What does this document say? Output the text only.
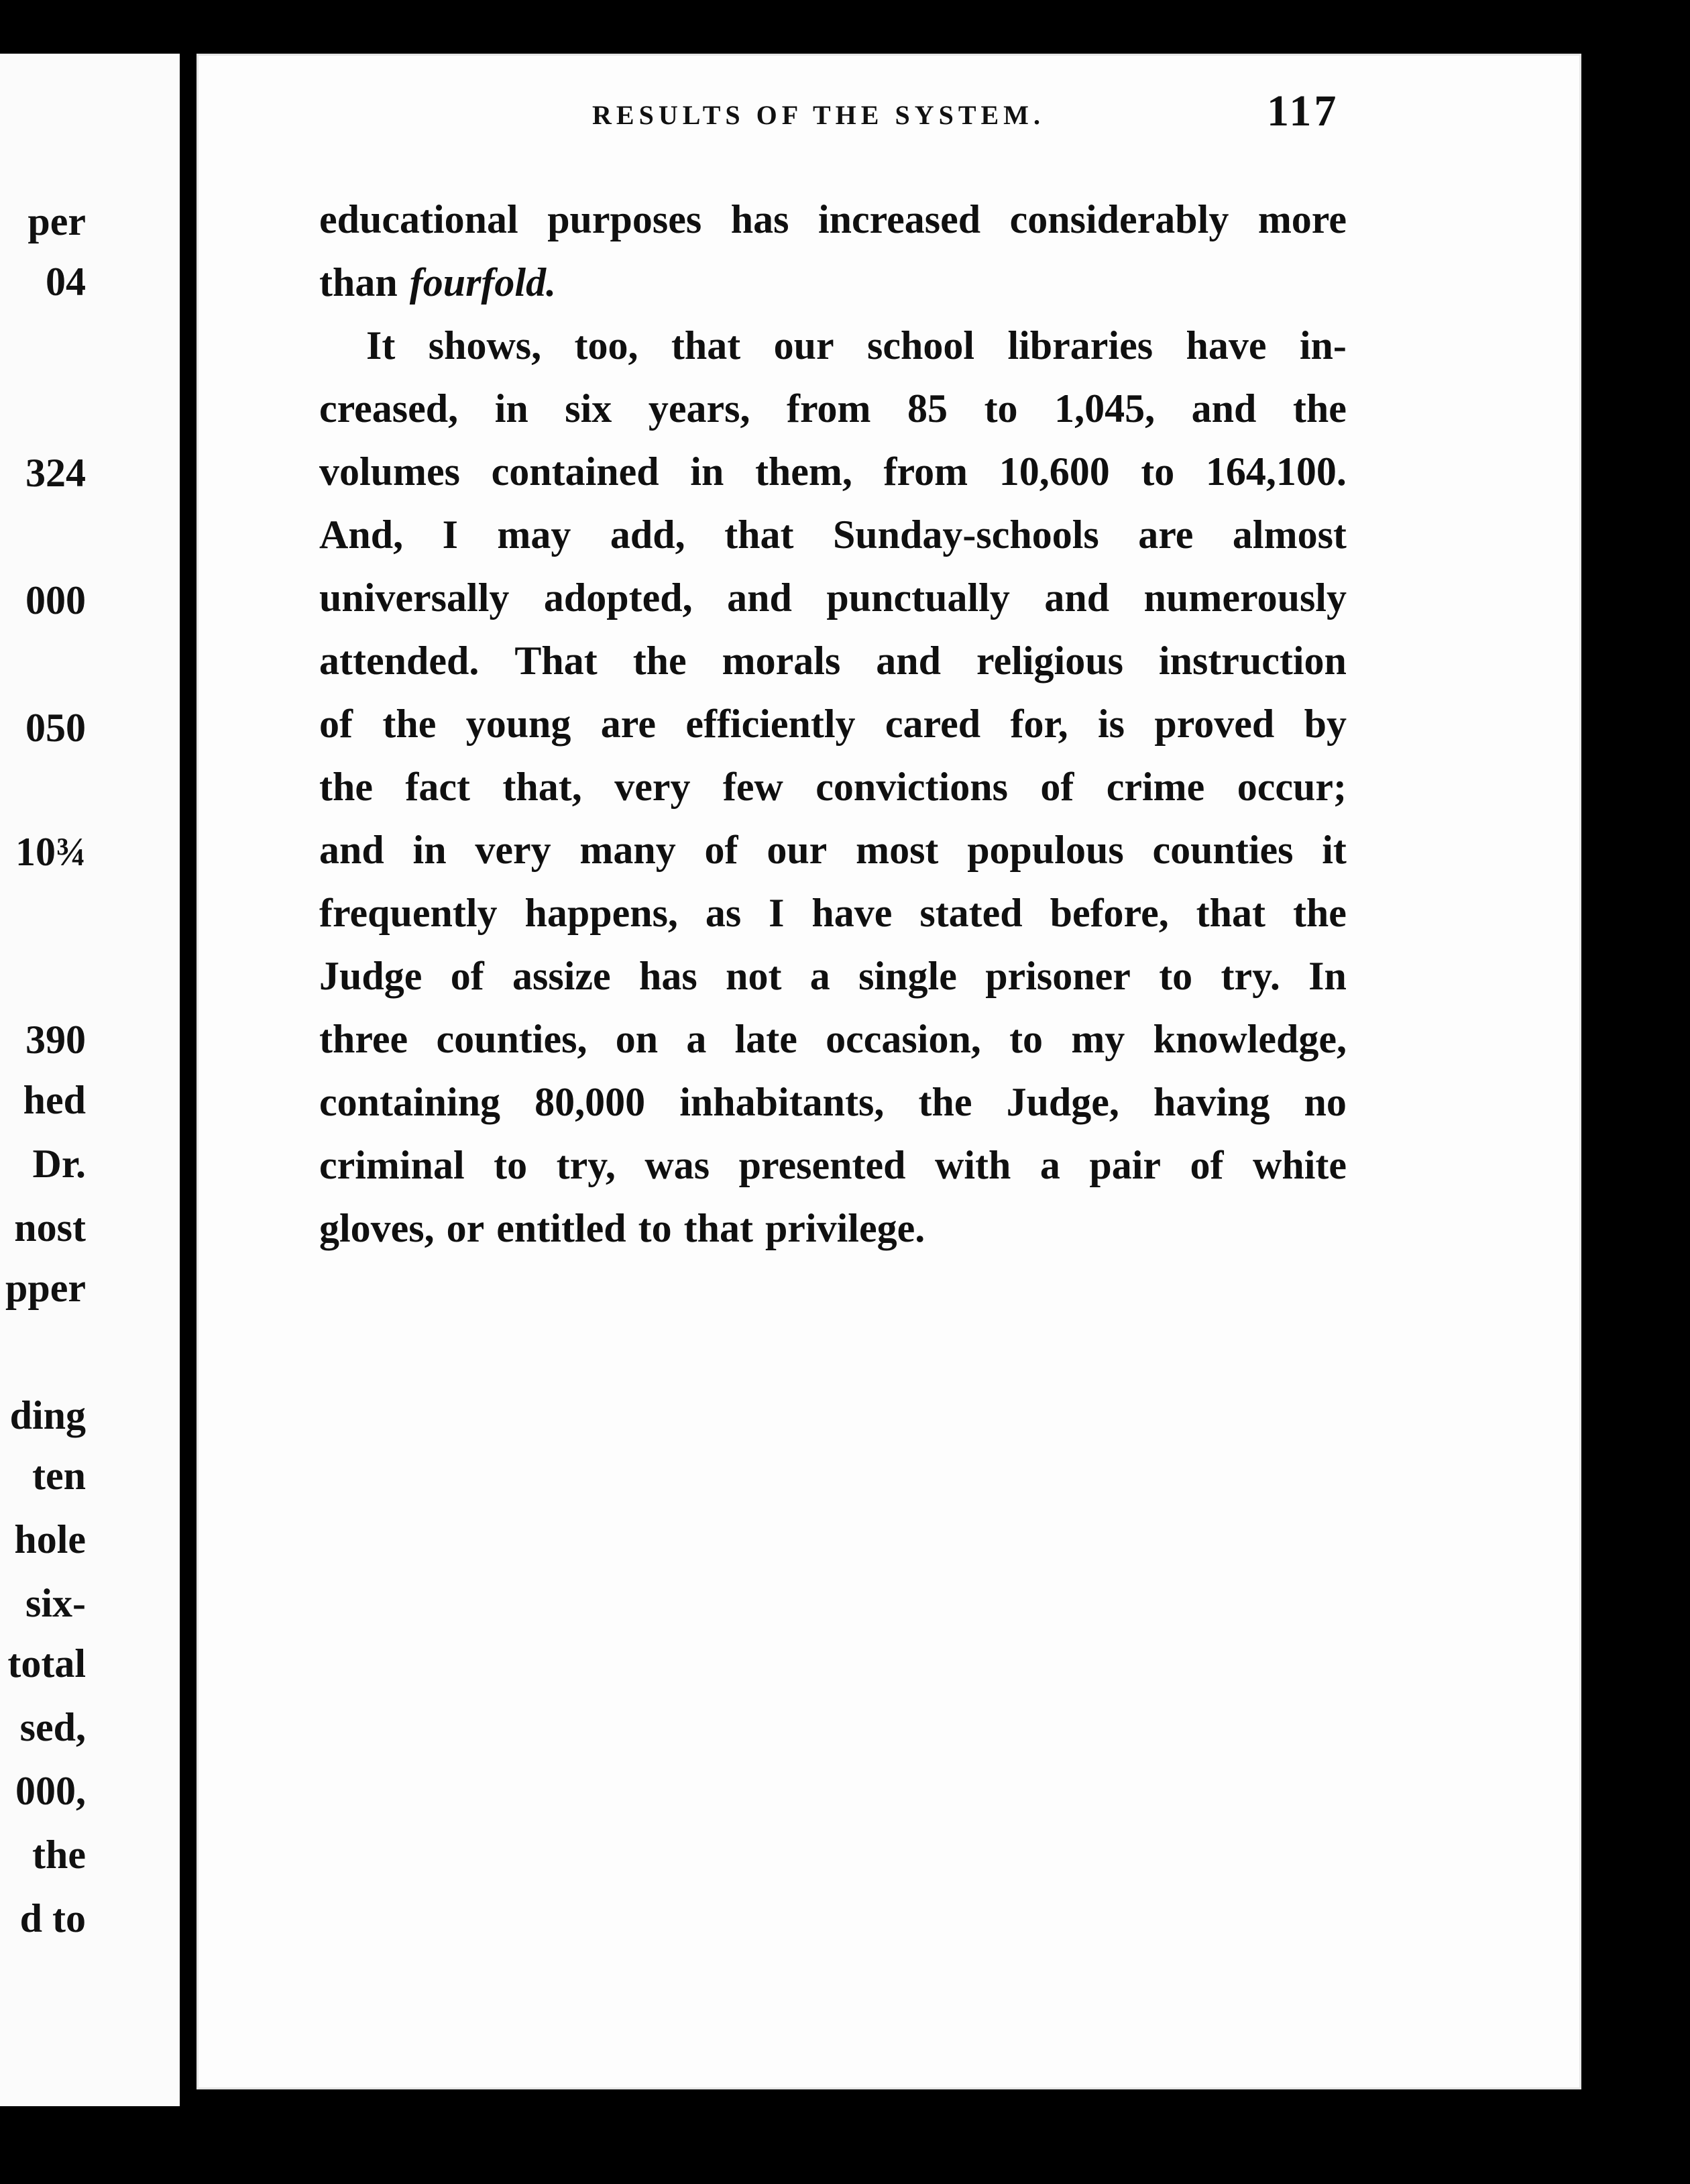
per
04
324
000
050
10¾
390
hed
Dr.
nost
pper
ding
ten
hole
six-
total
sed,
000,
the
d to
RESULTS OF THE SYSTEM.	117
educational purposes has increased considerably more
than fourfold.
It shows, too, that our school libraries have in-
creased, in six years, from 85 to 1,045, and the
volumes contained in them, from 10,600 to 164,100.
And, I may add, that Sunday-schools are almost
universally adopted, and punctually and numerously
attended. That the morals and religious instruction
of the young are efficiently cared for, is proved by
the fact that, very few convictions of crime occur;
and in very many of our most populous counties it
frequently happens, as I have stated before, that the
Judge of assize has not a single prisoner to try. In
three counties, on a late occasion, to my knowledge,
containing 80,000 inhabitants, the Judge, having no
criminal to try, was presented with a pair of white
gloves, or entitled to that privilege.
